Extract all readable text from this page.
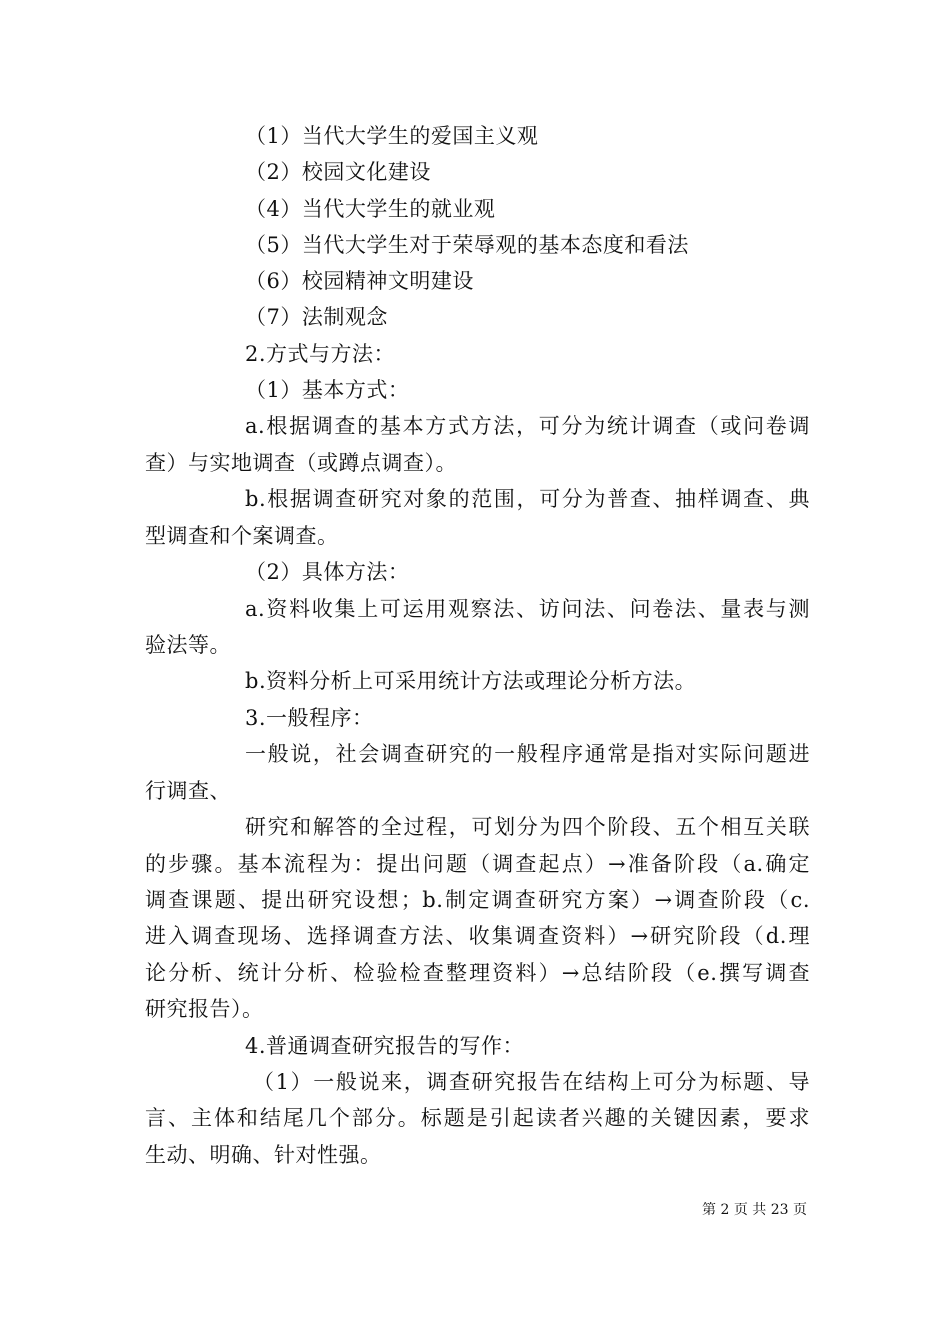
（1）当代大学生的爱国主义观
（2）校园文化建设
（4）当代大学生的就业观
（5）当代大学生对于荣辱观的基本态度和看法
（6）校园精神文明建设
（7）法制观念
2.方式与方法：
（1）基本方式：
a.根据调查的基本方式方法，可分为统计调查（或问卷调
查）与实地调查（或蹲点调查）。
b.根据调查研究对象的范围，可分为普查、抽样调查、典
型调查和个案调查。
（2）具体方法：
a.资料收集上可运用观察法、访问法、问卷法、量表与测
验法等。
b.资料分析上可采用统计方法或理论分析方法。
3.一般程序：
一般说，社会调查研究的一般程序通常是指对实际问题进
行调查、
研究和解答的全过程，可划分为四个阶段、五个相互关联
的步骤。基本流程为：提出问题（调查起点）→准备阶段（a.确定
调查课题、提出研究设想；b.制定调查研究方案）→调查阶段（c.
进入调查现场、选择调查方法、收集调查资料）→研究阶段（d.理
论分析、统计分析、检验检查整理资料）→总结阶段（e.撰写调查
研究报告）。
4.普通调查研究报告的写作：
（1）一般说来，调查研究报告在结构上可分为标题、导
言、主体和结尾几个部分。标题是引起读者兴趣的关键因素，要求
生动、明确、针对性强。
第 2 页 共 23 页
